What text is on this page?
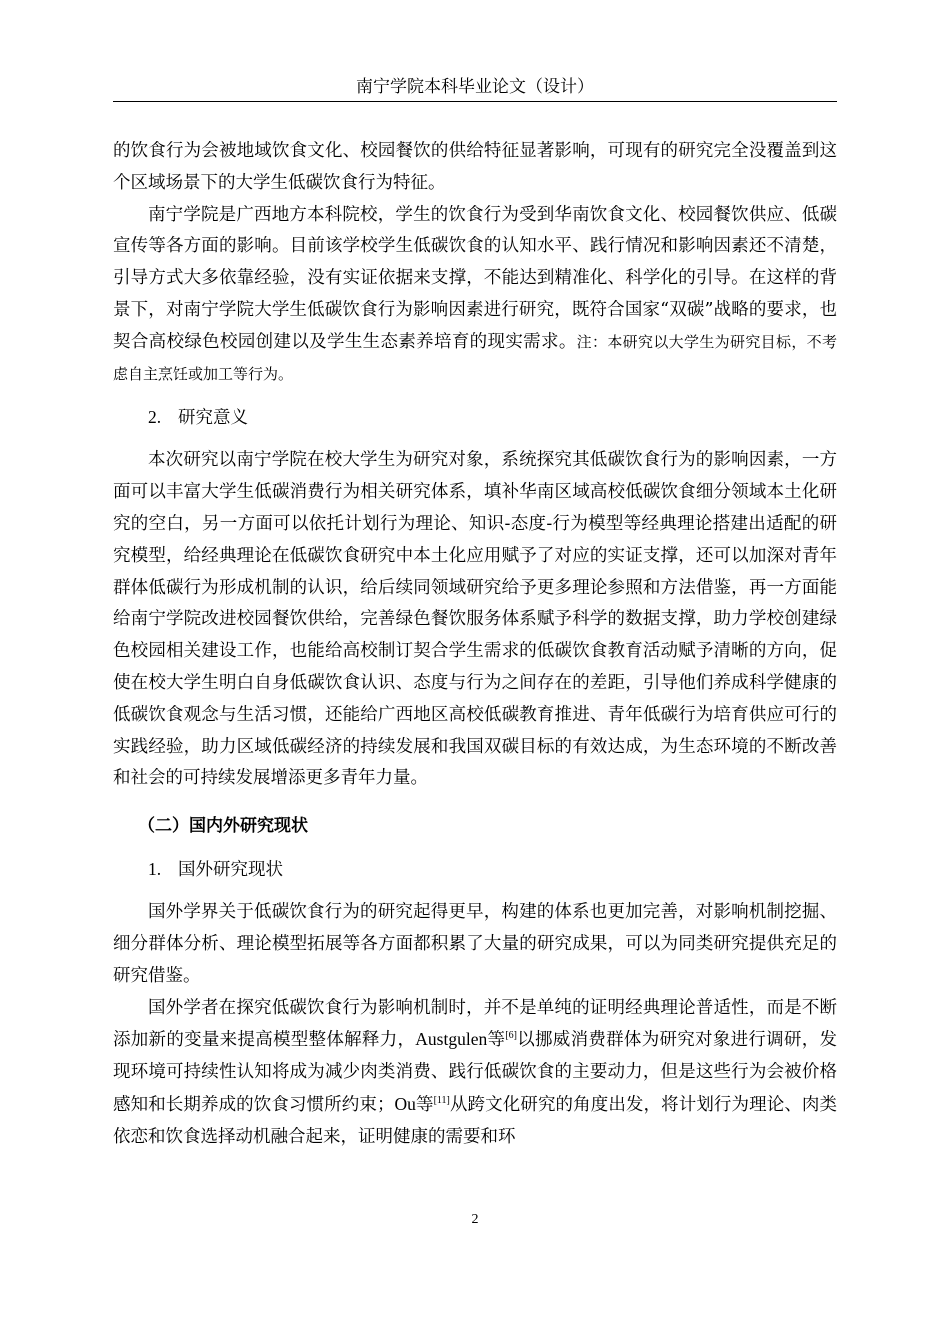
南宁学院本科毕业论文（设计）

的饮食行为会被地域饮食文化、校园餐饮的供给特征显著影响，可现有的研究完全没覆盖到这个区域场景下的大学生低碳饮食行为特征。

南宁学院是广西地方本科院校，学生的饮食行为受到华南饮食文化、校园餐饮供应、低碳宣传等各方面的影响。目前该学校学生低碳饮食的认知水平、践行情况和影响因素还不清楚，引导方式大多依靠经验，没有实证依据来支撑，不能达到精准化、科学化的引导。在这样的背景下，对南宁学院大学生低碳饮食行为影响因素进行研究，既符合国家“双碳”战略的要求，也契合高校绿色校园创建以及学生生态素养培育的现实需求。注：本研究以大学生为研究目标，不考虑自主烹饪或加工等行为。

2. 研究意义

本次研究以南宁学院在校大学生为研究对象，系统探究其低碳饮食行为的影响因素，一方面可以丰富大学生低碳消费行为相关研究体系，填补华南区域高校低碳饮食细分领域本土化研究的空白，另一方面可以依托计划行为理论、知识-态度-行为模型等经典理论搭建出适配的研究模型，给经典理论在低碳饮食研究中本土化应用赋予了对应的实证支撑，还可以加深对青年群体低碳行为形成机制的认识，给后续同领域研究给予更多理论参照和方法借鉴，再一方面能给南宁学院改进校园餐饮供给，完善绿色餐饮服务体系赋予科学的数据支撑，助力学校创建绿色校园相关建设工作，也能给高校制订契合学生需求的低碳饮食教育活动赋予清晰的方向，促使在校大学生明白自身低碳饮食认识、态度与行为之间存在的差距，引导他们养成科学健康的低碳饮食观念与生活习惯，还能给广西地区高校低碳教育推进、青年低碳行为培育供应可行的实践经验，助力区域低碳经济的持续发展和我国双碳目标的有效达成，为生态环境的不断改善和社会的可持续发展增添更多青年力量。

（二）国内外研究现状

1. 国外研究现状

国外学界关于低碳饮食行为的研究起得更早，构建的体系也更加完善，对影响机制挖掘、细分群体分析、理论模型拓展等各方面都积累了大量的研究成果，可以为同类研究提供充足的研究借鉴。

国外学者在探究低碳饮食行为影响机制时，并不是单纯的证明经典理论普适性，而是不断添加新的变量来提高模型整体解释力，Austgulen等[6]以挪威消费群体为研究对象进行调研，发现环境可持续性认知将成为减少肉类消费、践行低碳饮食的主要动力，但是这些行为会被价格感知和长期养成的饮食习惯所约束；Ou等[11]从跨文化研究的角度出发，将计划行为理论、肉类依恋和饮食选择动机融合起来，证明健康的需要和环

2
